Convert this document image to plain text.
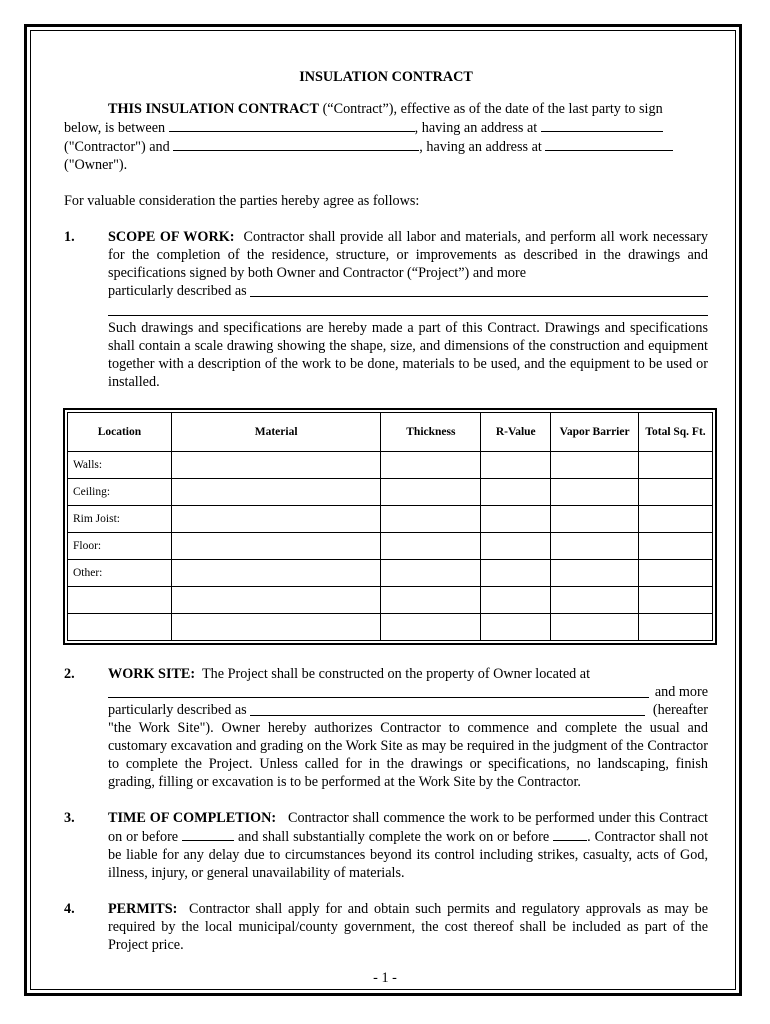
INSULATION CONTRACT

THIS INSULATION CONTRACT (“Contract”), effective as of the date of the last party to sign

below, is between	, having an address at

("Contractor") and	, having an address at

("Owner").

For valuable consideration the parties hereby agree as follows:

1. SCOPE OF WORK: Contractor shall provide all labor and materials, and perform all work necessary for the completion of the residence, structure, or improvements as described in the drawings and specifications signed by both Owner and Contractor (“Project”) and more

particularly described as

Such drawings and specifications are hereby made a part of this Contract. Drawings and specifications shall contain a scale drawing showing the shape, size, and dimensions of the construction and equipment together with a description of the work to be done, materials to be used, and the equipment to be used or installed.

Location	Material	Thickness	R-Value	Vapor Barrier	Total Sq. Ft.
Walls:					
Ceiling:					
Rim Joist:					
Floor:					
Other:					

2. WORK SITE: The Project shall be constructed on the property of Owner located at

and more
particularly described as	(hereafter

"the Work Site"). Owner hereby authorizes Contractor to commence and complete the usual and customary excavation and grading on the Work Site as may be required in the judgment of the Contractor to complete the Project. Unless called for in the drawings or specifications, no landscaping, finish grading, filling or excavation is to be performed at the Work Site by the Contractor.

3. TIME OF COMPLETION: Contractor shall commence the work to be performed under this Contract on or before	and shall substantially complete the work on or before	. Contractor shall not be liable for any delay due to circumstances beyond its control including strikes, casualty, acts of God, illness, injury, or general unavailability of materials.

4. PERMITS: Contractor shall apply for and obtain such permits and regulatory approvals as may be required by the local municipal/county government, the cost thereof shall be included as part of the Project price.

- 1 -
